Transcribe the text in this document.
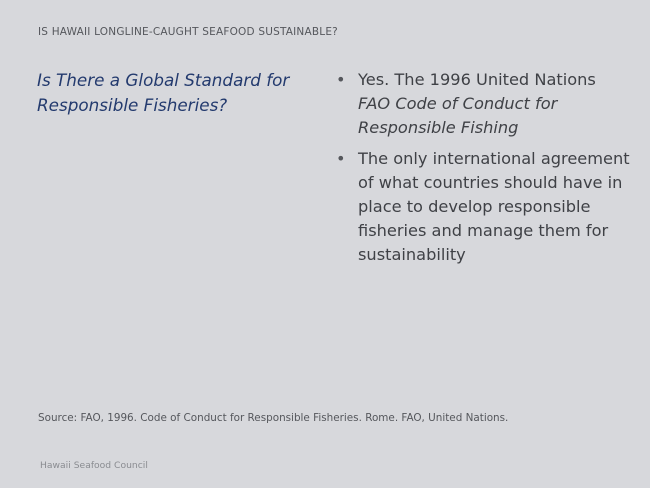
IS HAWAII LONGLINE-CAUGHT SEAFOOD SUSTAINABLE?
Is There a Global Standard for Responsible Fisheries?
• Yes. The 1996 United Nations
FAO Code of Conduct for Responsible Fishing
• The only international agreement of what countries should have in place to develop responsible fisheries and manage them for sustainability
Source: FAO, 1996. Code of Conduct for Responsible Fisheries. Rome. FAO, United Nations.
Hawaii Seafood Council
